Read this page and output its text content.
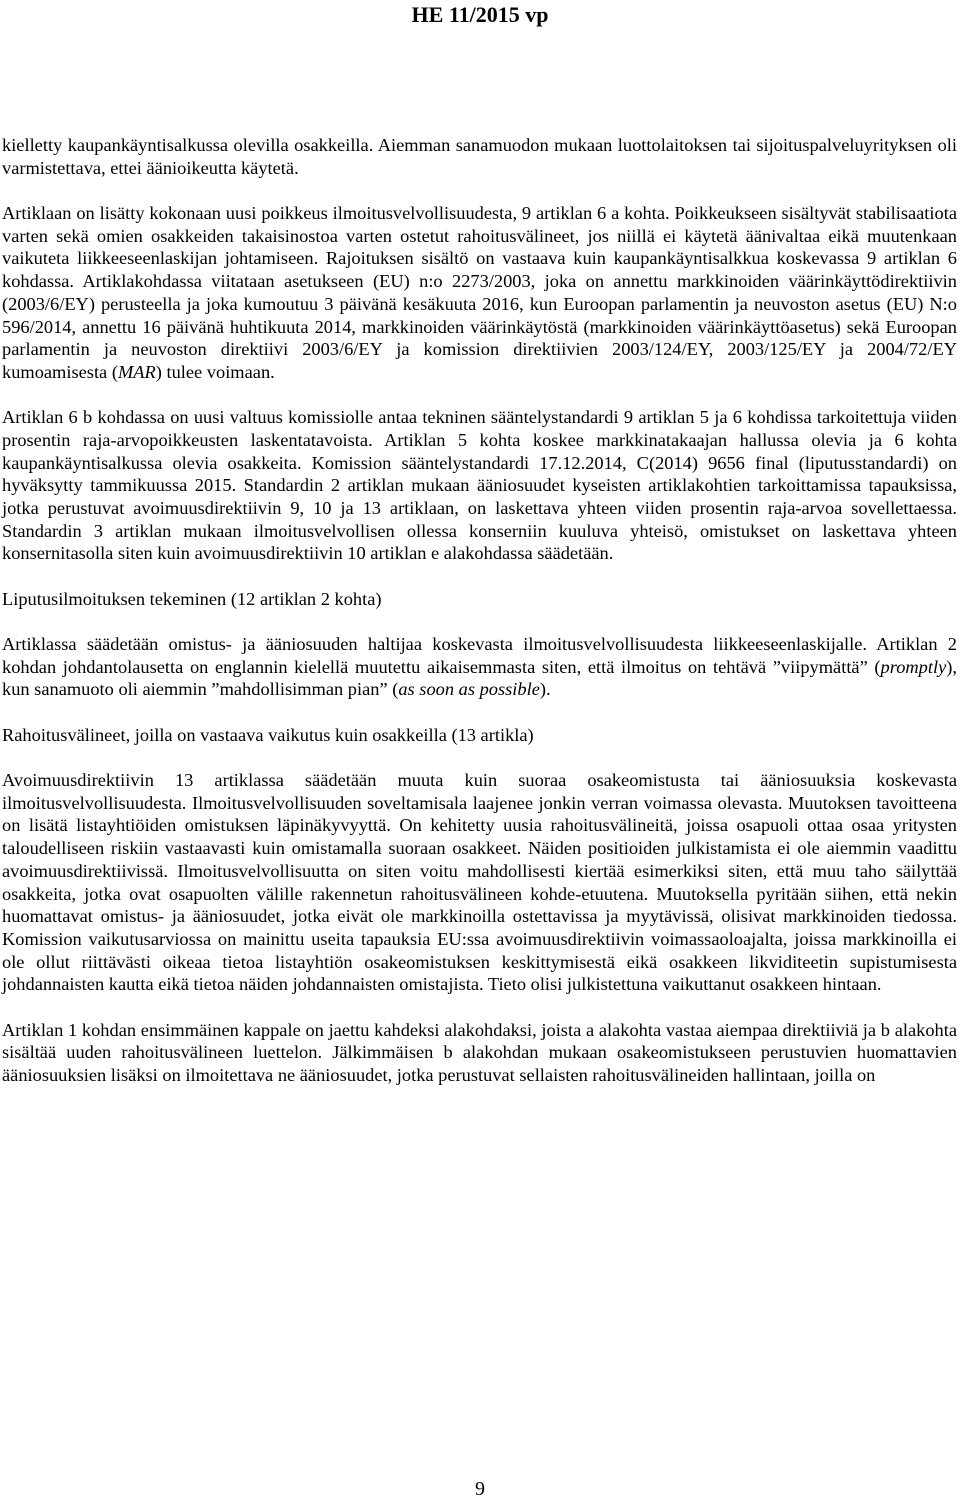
HE 11/2015 vp

kielletty kaupankäyntisalkussa olevilla osakkeilla. Aiemman sanamuodon mukaan luottolaitoksen tai sijoituspalveluyrityksen oli varmistettava, ettei äänioikeutta käytetä.

Artiklaan on lisätty kokonaan uusi poikkeus ilmoitusvelvollisuudesta, 9 artiklan 6 a kohta. Poikkeukseen sisältyvät stabilisaatiota varten sekä omien osakkeiden takaisinostoa varten ostetut rahoitusvälineet, jos niillä ei käytetä äänivaltaa eikä muutenkaan vaikuteta liikkeeseenlaskijan johtamiseen. Rajoituksen sisältö on vastaava kuin kaupankäyntisalkkua koskevassa 9 artiklan 6 kohdassa. Artiklakohdassa viitataan asetukseen (EU) n:o 2273/2003, joka on annettu markkinoiden väärinkäyttödirektiivin (2003/6/EY) perusteella ja joka kumoutuu 3 päivänä kesäkuuta 2016, kun Euroopan parlamentin ja neuvoston asetus (EU) N:o 596/2014, annettu 16 päivänä huhtikuuta 2014, markkinoiden väärinkäytöstä (markkinoiden väärinkäyttöasetus) sekä Euroopan parlamentin ja neuvoston direktiivi 2003/6/EY ja komission direktiivien 2003/124/EY, 2003/125/EY ja 2004/72/EY kumoamisesta (MAR) tulee voimaan.

Artiklan 6 b kohdassa on uusi valtuus komissiolle antaa tekninen sääntelystandardi 9 artiklan 5 ja 6 kohdissa tarkoitettuja viiden prosentin raja-arvopoikkeusten laskentatavoista. Artiklan 5 kohta koskee markkinatakaajan hallussa olevia ja 6 kohta kaupankäyntisalkussa olevia osakkeita. Komission sääntelystandardi 17.12.2014, C(2014) 9656 final (liputusstandardi) on hyväksytty tammikuussa 2015. Standardin 2 artiklan mukaan ääniosuudet kyseisten artiklakohtien tarkoittamissa tapauksissa, jotka perustuvat avoimuusdirektiivin 9, 10 ja 13 artiklaan, on laskettava yhteen viiden prosentin raja-arvoa sovellettaessa. Standardin 3 artiklan mukaan ilmoitusvelvollisen ollessa konserniin kuuluva yhteisö, omistukset on laskettava yhteen konsernitasolla siten kuin avoimuusdirektiivin 10 artiklan e alakohdassa säädetään.

Liputusilmoituksen tekeminen (12 artiklan 2 kohta)

Artiklassa säädetään omistus- ja ääniosuuden haltijaa koskevasta ilmoitusvelvollisuudesta liikkeeseenlaskijalle. Artiklan 2 kohdan johdantolausetta on englannin kielellä muutettu aikaisemmasta siten, että ilmoitus on tehtävä ”viipymättä” (promptly), kun sanamuoto oli aiemmin ”mahdollisimman pian” (as soon as possible).

Rahoitusvälineet, joilla on vastaava vaikutus kuin osakkeilla (13 artikla)

Avoimuusdirektiivin 13 artiklassa säädetään muuta kuin suoraa osakeomistusta tai ääniosuuksia koskevasta ilmoitusvelvollisuudesta. Ilmoitusvelvollisuuden soveltamisala laajenee jonkin verran voimassa olevasta. Muutoksen tavoitteena on lisätä listayhtiöiden omistuksen läpinäkyvyyttä. On kehitetty uusia rahoitusvälineitä, joissa osapuoli ottaa osaa yritysten taloudelliseen riskiin vastaavasti kuin omistamalla suoraan osakkeet. Näiden positioiden julkistamista ei ole aiemmin vaadittu avoimuusdirektiivissä. Ilmoitusvelvollisuutta on siten voitu mahdollisesti kiertää esimerkiksi siten, että muu taho säilyttää osakkeita, jotka ovat osapuolten välille rakennetun rahoitusvälineen kohde-etuutena. Muutoksella pyritään siihen, että nekin huomattavat omistus- ja ääniosuudet, jotka eivät ole markkinoilla ostettavissa ja myytävissä, olisivat markkinoiden tiedossa. Komission vaikutusarviossa on mainittu useita tapauksia EU:ssa avoimuusdirektiivin voimassaoloajalta, joissa markkinoilla ei ole ollut riittävästi oikeaa tietoa listayhtiön osakeomistuksen keskittymisestä eikä osakkeen likviditeetin supistumisesta johdannaisten kautta eikä tietoa näiden johdannaisten omistajista. Tieto olisi julkistettuna vaikuttanut osakkeen hintaan.

Artiklan 1 kohdan ensimmäinen kappale on jaettu kahdeksi alakohdaksi, joista a alakohta vastaa aiempaa direktiiviä ja b alakohta sisältää uuden rahoitusvälineen luettelon. Jälkimmäisen b alakohdan mukaan osakeomistukseen perustuvien huomattavien ääniosuuksien lisäksi on ilmoitettava ne ääniosuudet, jotka perustuvat sellaisten rahoitusvälineiden hallintaan, joilla on

9
